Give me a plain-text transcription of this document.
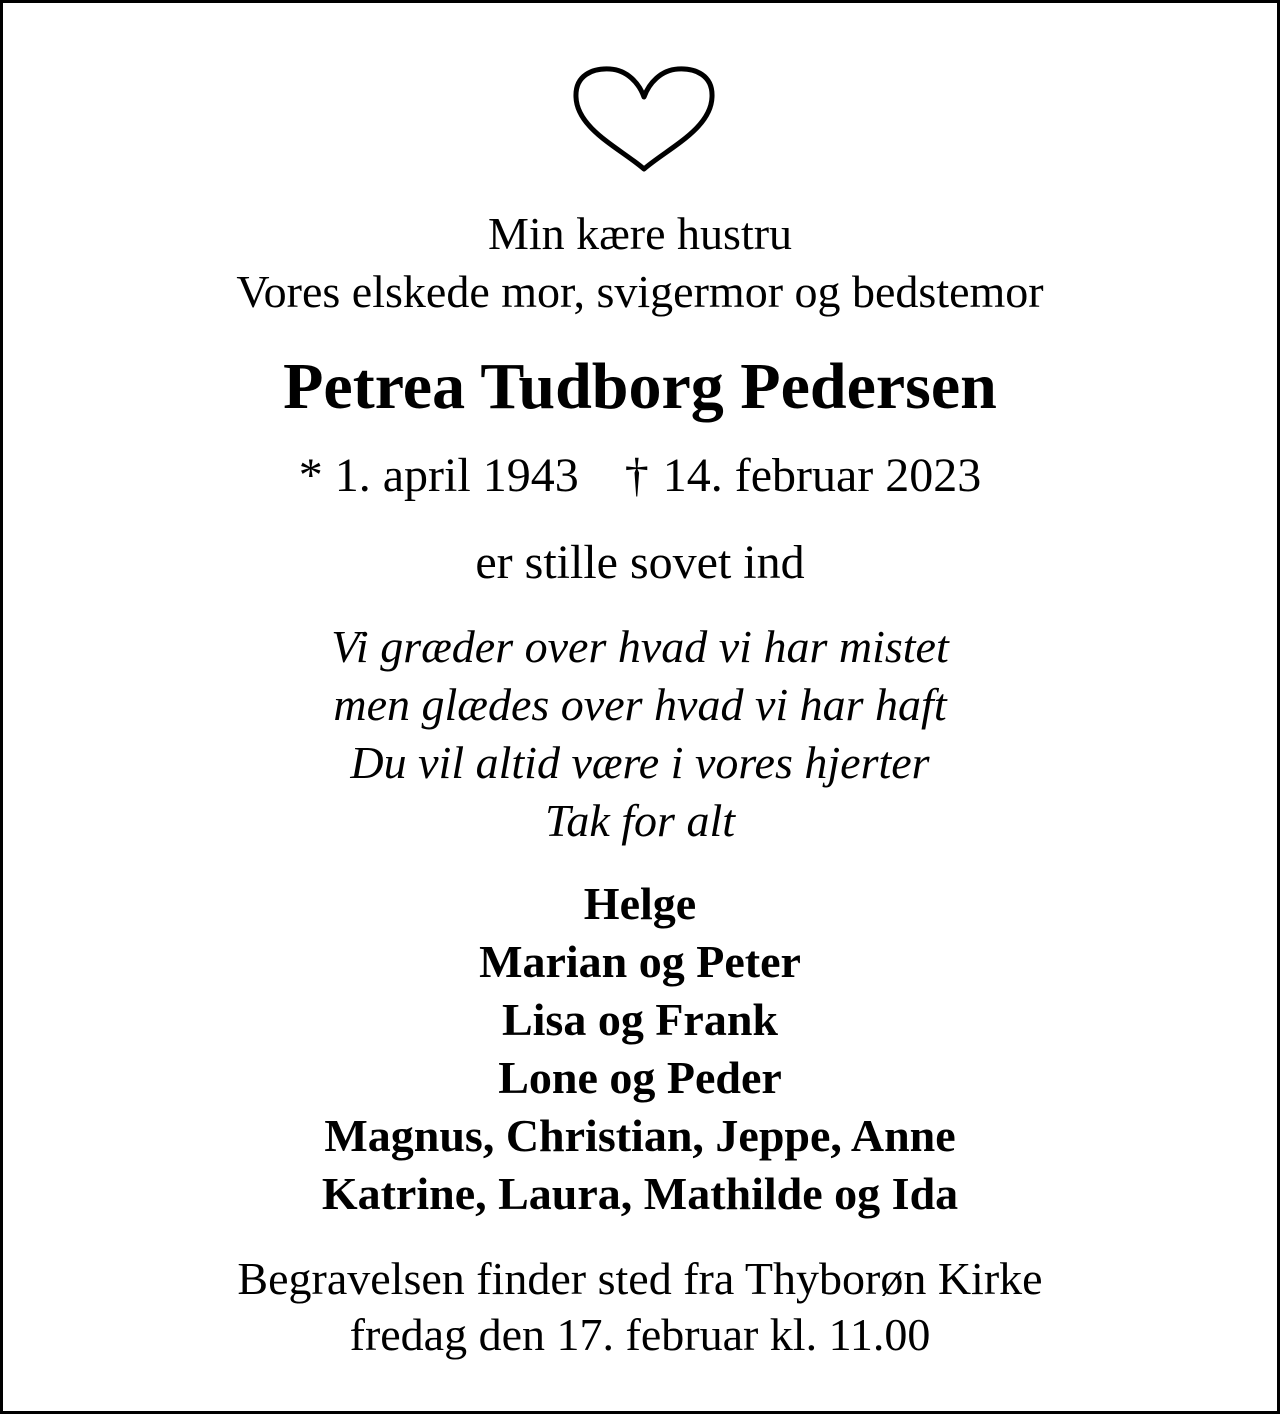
Min kære hustru
Vores elskede mor, svigermor og bedstemor
Petrea Tudborg Pedersen
* 1. april 1943 † 14. februar 2023
er stille sovet ind
Vi græder over hvad vi har mistet
men glædes over hvad vi har haft
Du vil altid være i vores hjerter
Tak for alt
Helge
Marian og Peter
Lisa og Frank
Lone og Peder
Magnus, Christian, Jeppe, Anne
Katrine, Laura, Mathilde og Ida
Begravelsen finder sted fra Thyborøn Kirke
fredag den 17. februar kl. 11.00
